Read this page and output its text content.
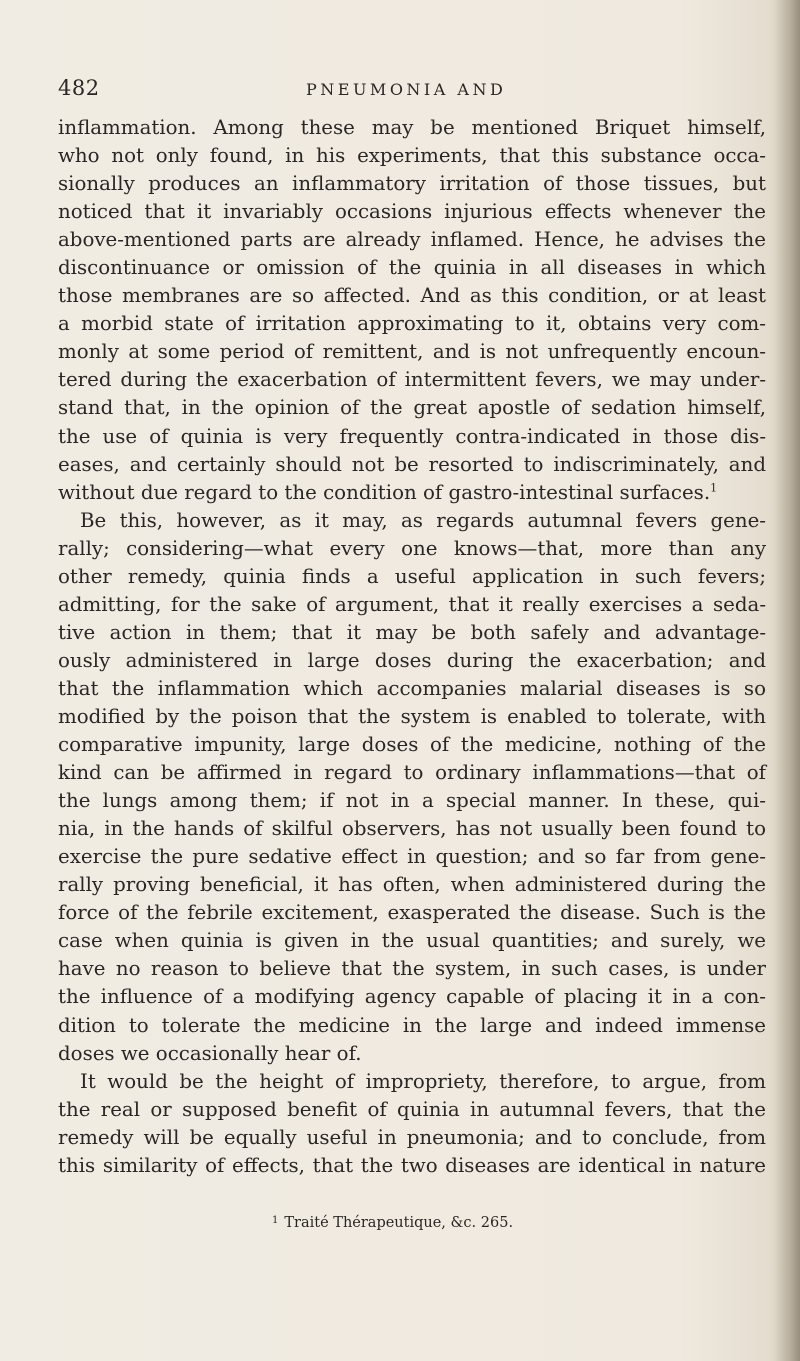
482	PNEUMONIA AND
inflammation. Among these may be mentioned Briquet himself,
who not only found, in his experiments, that this substance occa-
sionally produces an inflammatory irritation of those tissues, but
noticed that it invariably occasions injurious effects whenever the
above-mentioned parts are already inflamed. Hence, he advises the
discontinuance or omission of the quinia in all diseases in which
those membranes are so affected. And as this condition, or at least
a morbid state of irritation approximating to it, obtains very com-
monly at some period of remittent, and is not unfrequently encoun-
tered during the exacerbation of intermittent fevers, we may under-
stand that, in the opinion of the great apostle of sedation himself,
the use of quinia is very frequently contra-indicated in those dis-
eases, and certainly should not be resorted to indiscriminately, and
without due regard to the condition of gastro-intestinal surfaces.$^1$
Be this, however, as it may, as regards autumnal fevers gene-
rally; considering—what every one knows—that, more than any
other remedy, quinia finds a useful application in such fevers;
admitting, for the sake of argument, that it really exercises a seda-
tive action in them; that it may be both safely and advantage-
ously administered in large doses during the exacerbation; and
that the inflammation which accompanies malarial diseases is so
modified by the poison that the system is enabled to tolerate, with
comparative impunity, large doses of the medicine, nothing of the
kind can be affirmed in regard to ordinary inflammations—that of
the lungs among them; if not in a special manner. In these, qui-
nia, in the hands of skilful observers, has not usually been found to
exercise the pure sedative effect in question; and so far from gene-
rally proving beneficial, it has often, when administered during the
force of the febrile excitement, exasperated the disease. Such is the
case when quinia is given in the usual quantities; and surely, we
have no reason to believe that the system, in such cases, is under
the influence of a modifying agency capable of placing it in a con-
dition to tolerate the medicine in the large and indeed immense
doses we occasionally hear of.
It would be the height of impropriety, therefore, to argue, from
the real or supposed benefit of quinia in autumnal fevers, that the
remedy will be equally useful in pneumonia; and to conclude, from
this similarity of effects, that the two diseases are identical in nature
$^1$ Traité Thérapeutique, &c. 265.
